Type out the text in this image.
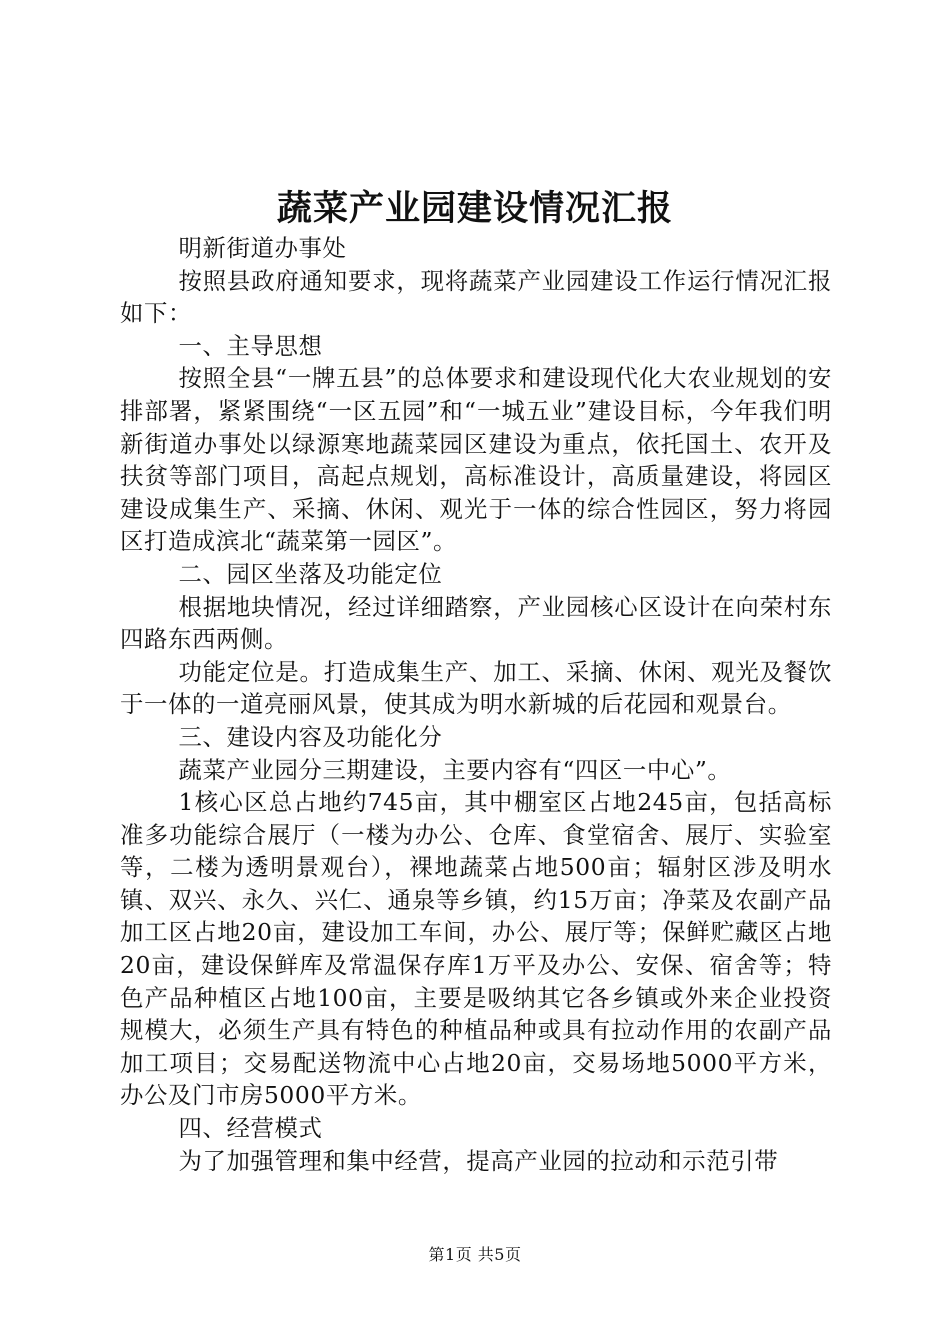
蔬菜产业园建设情况汇报

明新街道办事处

按照县政府通知要求，现将蔬菜产业园建设工作运行情况汇报如下：

一、主导思想

按照全县“一牌五县”的总体要求和建设现代化大农业规划的安排部署，紧紧围绕“一区五园”和“一城五业”建设目标，今年我们明新街道办事处以绿源寒地蔬菜园区建设为重点，依托国土、农开及扶贫等部门项目，高起点规划，高标准设计，高质量建设，将园区建设成集生产、采摘、休闲、观光于一体的综合性园区，努力将园区打造成滨北“蔬菜第一园区”。

二、园区坐落及功能定位

根据地块情况，经过详细踏察，产业园核心区设计在向荣村东四路东西两侧。

功能定位是。打造成集生产、加工、采摘、休闲、观光及餐饮于一体的一道亮丽风景，使其成为明水新城的后花园和观景台。

三、建设内容及功能化分

蔬菜产业园分三期建设，主要内容有“四区一中心”。

1核心区总占地约745亩，其中棚室区占地245亩，包括高标准多功能综合展厅（一楼为办公、仓库、食堂宿舍、展厅、实验室等，二楼为透明景观台），裸地蔬菜占地500亩；辐射区涉及明水镇、双兴、永久、兴仁、通泉等乡镇，约15万亩；净菜及农副产品加工区占地20亩，建设加工车间，办公、展厅等；保鲜贮藏区占地20亩，建设保鲜库及常温保存库1万平及办公、安保、宿舍等；特色产品种植区占地100亩，主要是吸纳其它各乡镇或外来企业投资规模大，必须生产具有特色的种植品种或具有拉动作用的农副产品加工项目；交易配送物流中心占地20亩，交易场地5000平方米，办公及门市房5000平方米。

四、经营模式

为了加强管理和集中经营，提高产业园的拉动和示范引带

第1页 共5页
